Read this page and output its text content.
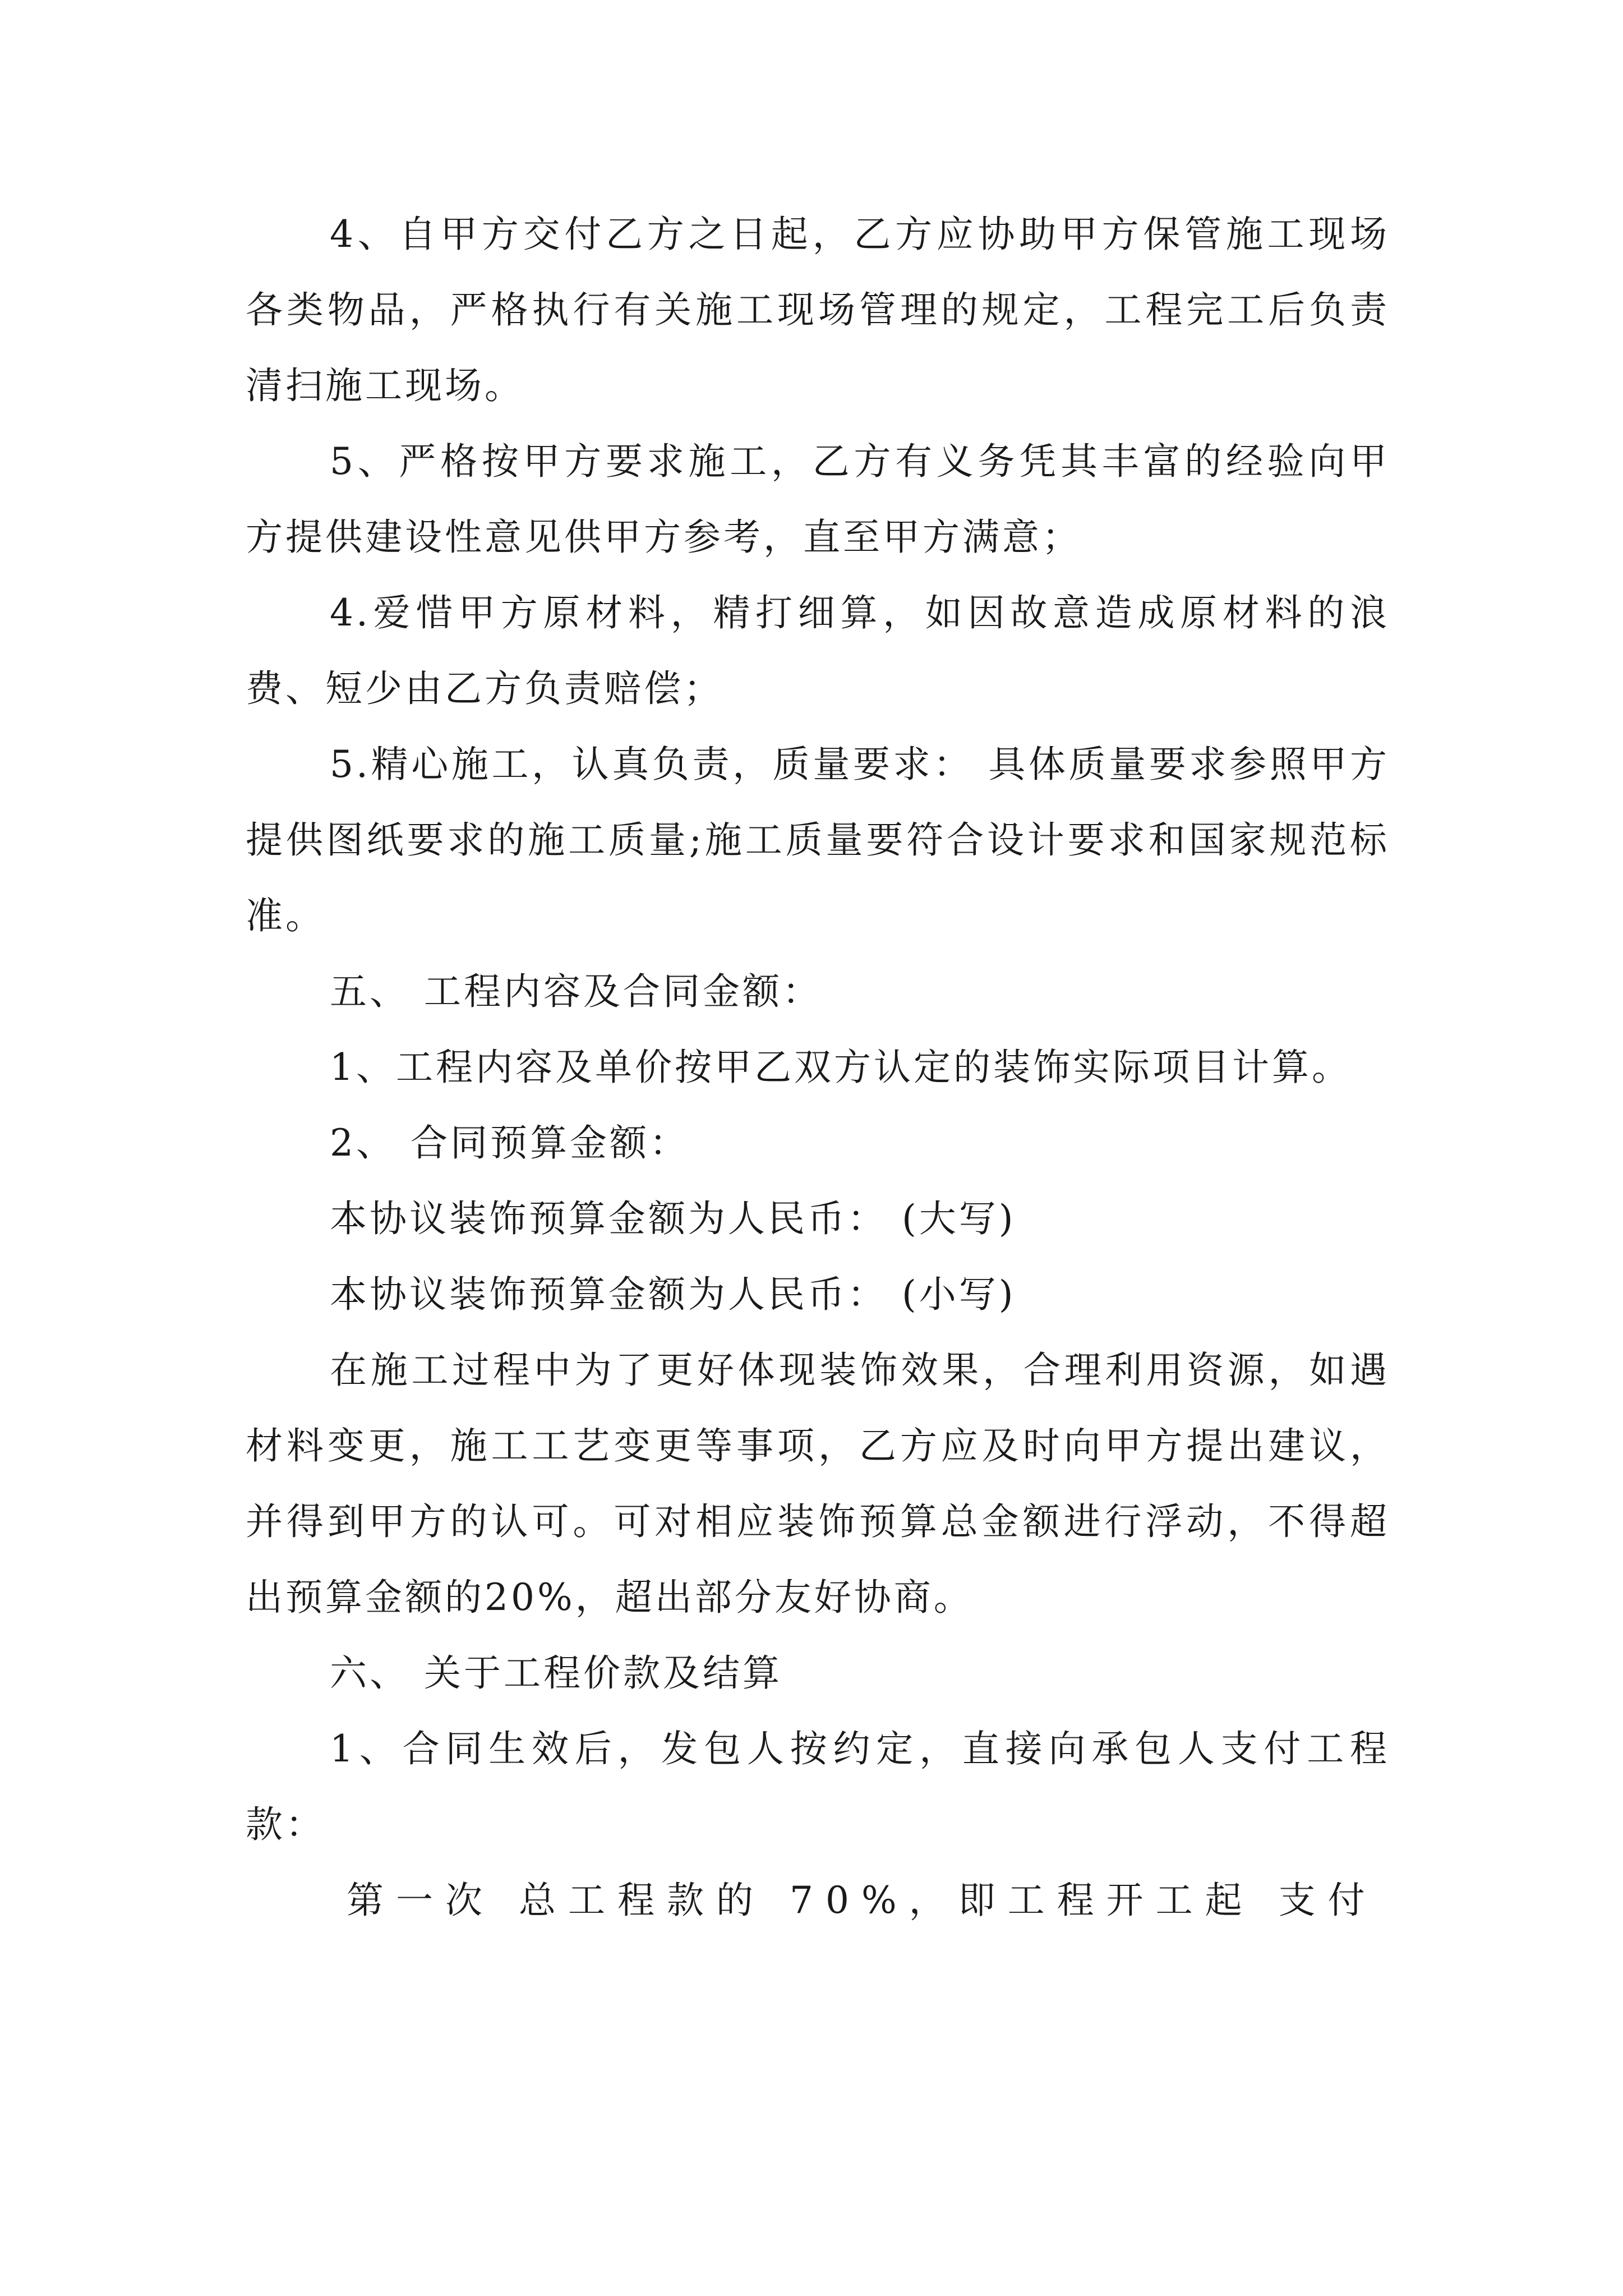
4、自甲方交付乙方之日起，乙方应协助甲方保管施工现场各类物品，严格执行有关施工现场管理的规定，工程完工后负责清扫施工现场。

5、严格按甲方要求施工，乙方有义务凭其丰富的经验向甲方提供建设性意见供甲方参考，直至甲方满意；

4.爱惜甲方原材料，精打细算，如因故意造成原材料的浪费、短少由乙方负责赔偿；

5.精心施工，认真负责，质量要求： 具体质量要求参照甲方提供图纸要求的施工质量;施工质量要符合设计要求和国家规范标准。

五、 工程内容及合同金额：

1、工程内容及单价按甲乙双方认定的装饰实际项目计算。

2、 合同预算金额：

本协议装饰预算金额为人民币： (大写)

本协议装饰预算金额为人民币： (小写)

在施工过程中为了更好体现装饰效果，合理利用资源，如遇材料变更，施工工艺变更等事项，乙方应及时向甲方提出建议，并得到甲方的认可。可对相应装饰预算总金额进行浮动，不得超出预算金额的20%，超出部分友好协商。

六、 关于工程价款及结算

1、合同生效后，发包人按约定，直接向承包人支付工程款：

第一次 总工程款的 70%，即工程开工起 支付
